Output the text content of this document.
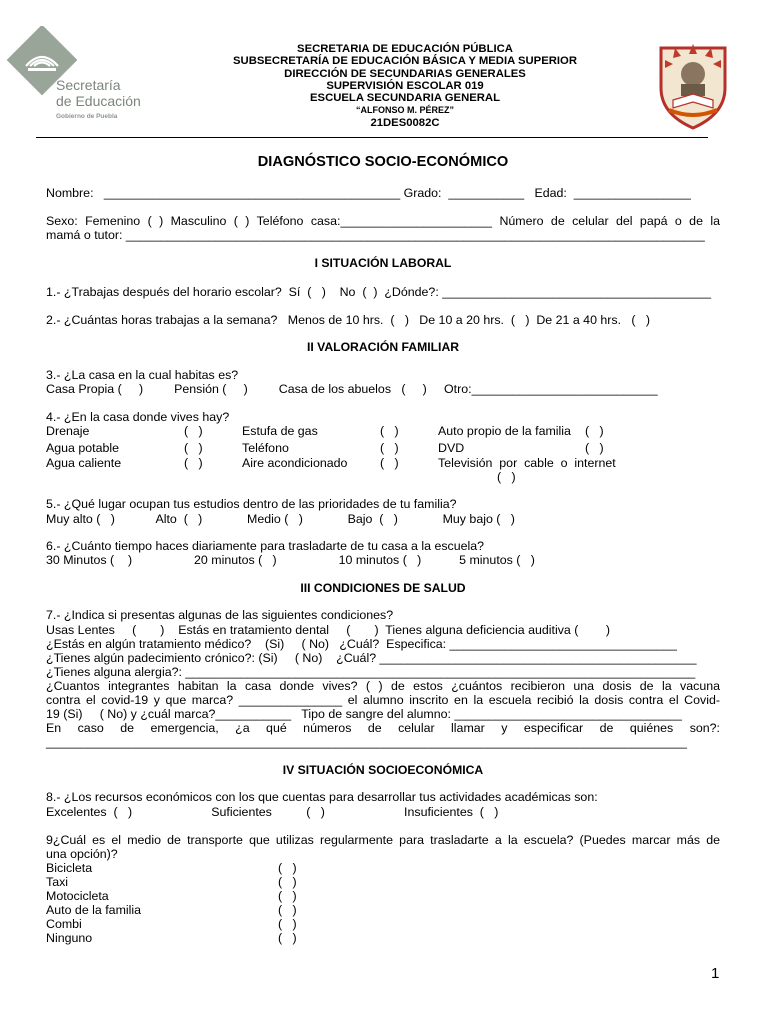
Secretaría
de Educación
Gobierno de Puebla
SECRETARIA DE EDUCACIÓN PÚBLICA
SUBSECRETARÍA DE EDUCACIÓN BÁSICA Y MEDIA SUPERIOR
DIRECCIÓN DE SECUNDARIAS GENERALES
SUPERVISIÓN ESCOLAR 019
ESCUELA SECUNDARIA GENERAL
“ALFONSO M. PÉREZ”
21DES0082C
DIAGNÓSTICO SOCIO-ECONÓMICO
Nombre:   ___________________________________________ Grado:  ___________   Edad:  _________________
Sexo: Femenino ( ) Masculino ( ) Teléfono casa:______________________ Número de celular del papá o de la
mamá o tutor: ____________________________________________________________________________________
I SITUACIÓN LABORAL
1.- ¿Trabajas después del horario escolar?  Sí  (   )    No  (  )  ¿Dónde?: _______________________________________
2.- ¿Cuántas horas trabajas a la semana?   Menos de 10 hrs.  (   )   De 10 a 20 hrs.  (   )  De 21 a 40 hrs.   (   )
II VALORACIÓN FAMILIAR
3.- ¿La casa en la cual habitas es?
Casa Propia (     )         Pensión (     )         Casa de los abuelos   (     )     Otro:___________________________
4.- ¿En la casa donde vives hay?
Drenaje	(   )	Estufa de gas	(   )	Auto propio de la familia (   )
Agua potable	(   )	Teléfono	(   )	DVD	(   )
Agua caliente	(   )	Aire acondicionado	(   )	Televisión  por  cable  o  internet
(   )
5.- ¿Qué lugar ocupan tus estudios dentro de las prioridades de tu familia?
Muy alto (   )            Alto  (   )             Medio (   )             Bajo  (   )             Muy bajo (   )
6.- ¿Cuánto tiempo haces diariamente para trasladarte de tu casa a la escuela?
30 Minutos (    )                  20 minutos (   )                  10 minutos (   )           5 minutos (   )
III CONDICIONES DE SALUD
7.- ¿Indica si presentas algunas de las siguientes condiciones?
Usas Lentes     (       )    Estás en tratamiento dental     (       )  Tienes alguna deficiencia auditiva (        )
¿Estás en algún tratamiento médico?    (Si)     ( No)   ¿Cuál?  Especifica: _________________________________
¿Tienes algún padecimiento crónico?: (Si)     ( No)    ¿Cuál? ______________________________________________
¿Tienes alguna alergia?: __________________________________________________________________________
¿Cuantos integrantes habitan la casa donde vives? ( ) de estos ¿cuántos recibieron una dosis de la vacuna
contra el covid-19 y que marca? _______________ el alumno inscrito en la escuela recibió la dosis contra el Covid-
19 (Si)     ( No) y ¿cuál marca?___________   Tipo de sangre del alumno: _________________________________
En caso de emergencia, ¿a qué números de celular llamar y especificar de quiénes son?:
_____________________________________________________________________________________________
IV SITUACIÓN SOCIOECONÓMICA
8.- ¿Los recursos económicos con los que cuentas para desarrollar tus actividades académicas son:
Excelentes  (   )                       Suficientes          (   )                       Insuficientes  (   )
9¿Cuál es el medio de transporte que utilizas regularmente para trasladarte a la escuela? (Puedes marcar más de
una opción)?
Bicicleta	(   )
Taxi	(   )
Motocicleta	(   )
Auto de la familia	(   )
Combi	(   )
Ninguno	(   )
1
